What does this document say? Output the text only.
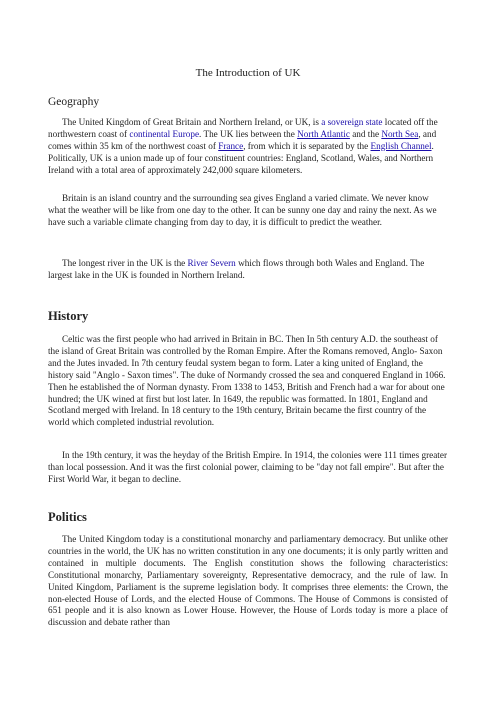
The Introduction of UK
Geography
The United Kingdom of Great Britain and Northern Ireland, or UK, is a sovereign state located off the northwestern coast of continental Europe. The UK lies between the North Atlantic and the North Sea, and comes within 35 km of the northwest coast of France, from which it is separated by the English Channel. Politically, UK is a union made up of four constituent countries: England, Scotland, Wales, and Northern Ireland with a total area of approximately 242,000 square kilometers.
Britain is an island country and the surrounding sea gives England a varied climate. We never know what the weather will be like from one day to the other. It can be sunny one day and rainy the next. As we have such a variable climate changing from day to day, it is difficult to predict the weather.
The longest river in the UK is the River Severn which flows through both Wales and England. The largest lake in the UK is founded in Northern Ireland.
History
Celtic was the first people who had arrived in Britain in BC. Then In 5th century A.D. the southeast of the island of Great Britain was controlled by the Roman Empire. After the Romans removed, Anglo- Saxon and the Jutes invaded. In 7th century feudal system began to form. Later a king united of England, the history said "Anglo - Saxon times". The duke of Normandy crossed the sea and conquered England in 1066. Then he established the of Norman dynasty. From 1338 to 1453, British and French had a war for about one hundred; the UK wined at first but lost later. In 1649, the republic was formatted. In 1801, England and Scotland merged with Ireland. In 18 century to the 19th century, Britain became the first country of the world which completed industrial revolution.
In the 19th century, it was the heyday of the British Empire. In 1914, the colonies were 111 times greater than local possession. And it was the first colonial power, claiming to be "day not fall empire". But after the First World War, it began to decline.
Politics
The United Kingdom today is a constitutional monarchy and parliamentary democracy. But unlike other countries in the world, the UK has no written constitution in any one documents; it is only partly written and contained in multiple documents. The English constitution shows the following characteristics: Constitutional monarchy, Parliamentary sovereignty, Representative democracy, and the rule of law. In United Kingdom, Parliament is the supreme legislation body. It comprises three elements: the Crown, the non-elected House of Lords, and the elected House of Commons. The House of Commons is consisted of 651 people and it is also known as Lower House. However, the House of Lords today is more a place of discussion and debate rather than
